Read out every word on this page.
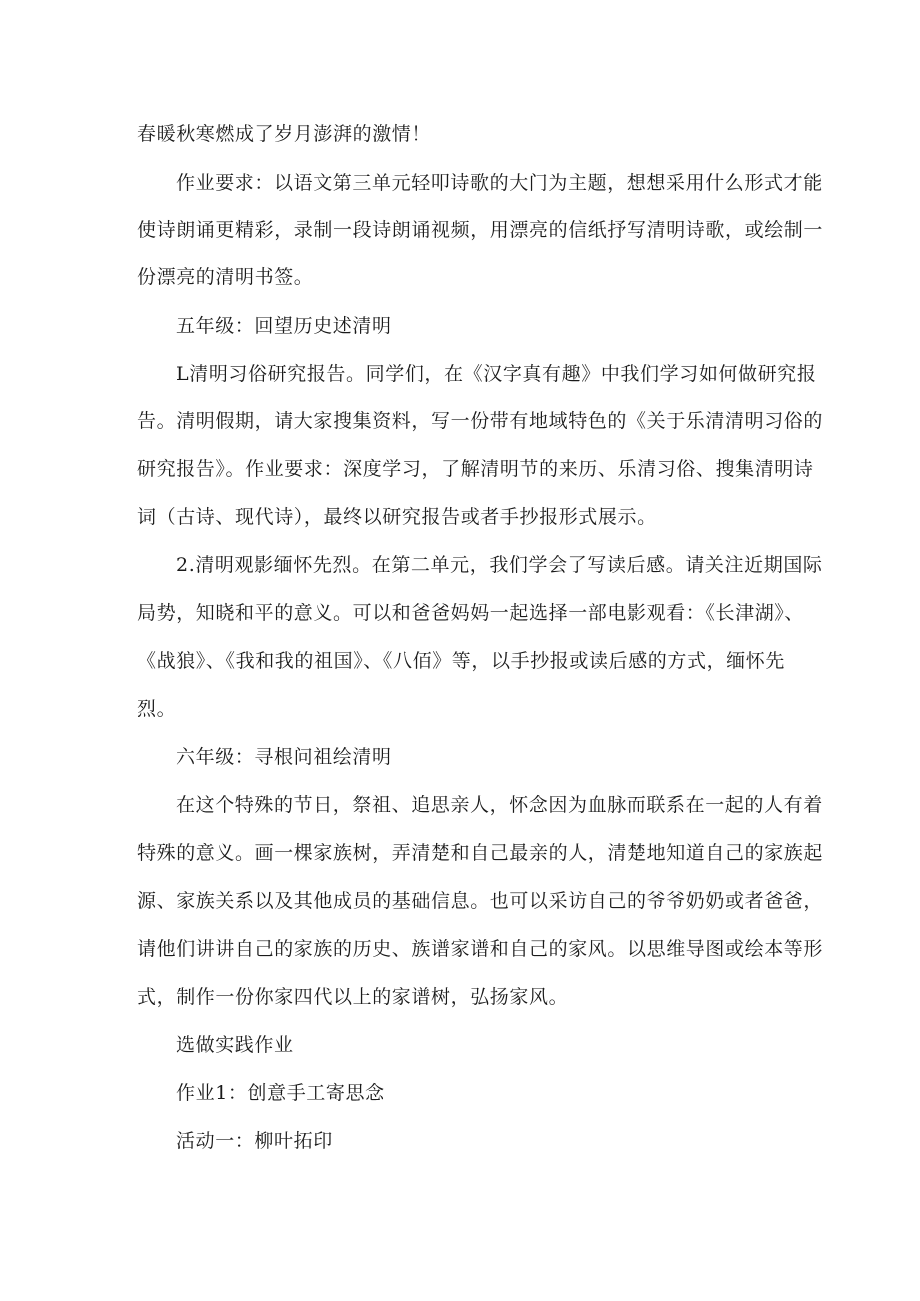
春暖秋寒燃成了岁月澎湃的激情！
作业要求：以语文第三单元轻叩诗歌的大门为主题，想想采用什么形式才能
使诗朗诵更精彩，录制一段诗朗诵视频，用漂亮的信纸抒写清明诗歌，或绘制一
份漂亮的清明书签。
五年级：回望历史述清明
L清明习俗研究报告。同学们，在《汉字真有趣》中我们学习如何做研究报
告。清明假期，请大家搜集资料，写一份带有地域特色的《关于乐清清明习俗的
研究报告》。作业要求：深度学习，了解清明节的来历、乐清习俗、搜集清明诗
词（古诗、现代诗），最终以研究报告或者手抄报形式展示。
2.清明观影缅怀先烈。在第二单元，我们学会了写读后感。请关注近期国际
局势，知晓和平的意义。可以和爸爸妈妈一起选择一部电影观看：《长津湖》、
《战狼》、《我和我的祖国》、《八佰》等，以手抄报或读后感的方式，缅怀先
烈。
六年级：寻根问祖绘清明
在这个特殊的节日，祭祖、追思亲人，怀念因为血脉而联系在一起的人有着
特殊的意义。画一棵家族树，弄清楚和自己最亲的人，清楚地知道自己的家族起
源、家族关系以及其他成员的基础信息。也可以采访自己的爷爷奶奶或者爸爸，
请他们讲讲自己的家族的历史、族谱家谱和自己的家风。以思维导图或绘本等形
式，制作一份你家四代以上的家谱树，弘扬家风。
选做实践作业
作业1：创意手工寄思念
活动一：柳叶拓印
